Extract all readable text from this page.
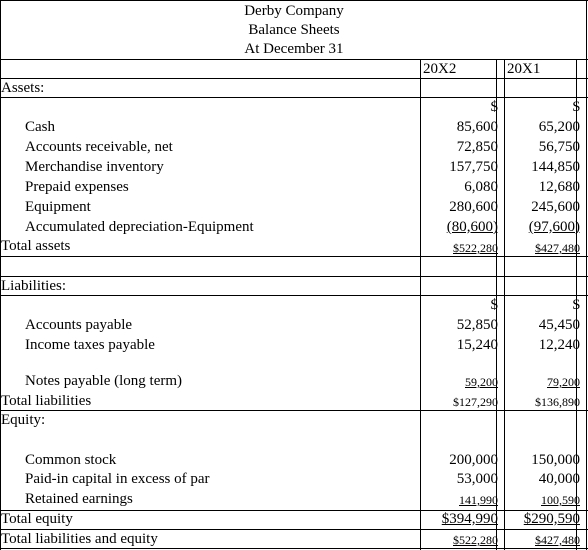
Derby Company
Balance Sheets
At December 31
20X2	20X1
Assets:
$	$
Cash	85,600	65,200
Accounts receivable, net	72,850	56,750
Merchandise inventory	157,750	144,850
Prepaid expenses	6,080	12,680
Equipment	280,600	245,600
Accumulated depreciation-Equipment	(80,600)	(97,600)
Total assets	$522,280	$427,480
Liabilities:
$	$
Accounts payable	52,850	45,450
Income taxes payable	15,240	12,240
Notes payable (long term)	59,200	79,200
Total liabilities	$127,290	$136,890
Equity:
Common stock	200,000	150,000
Paid-in capital in excess of par	53,000	40,000
Retained earnings	141,990	100,590
Total equity	$394,990	$290,590
Total liabilities and equity	$522,280	$427,480
